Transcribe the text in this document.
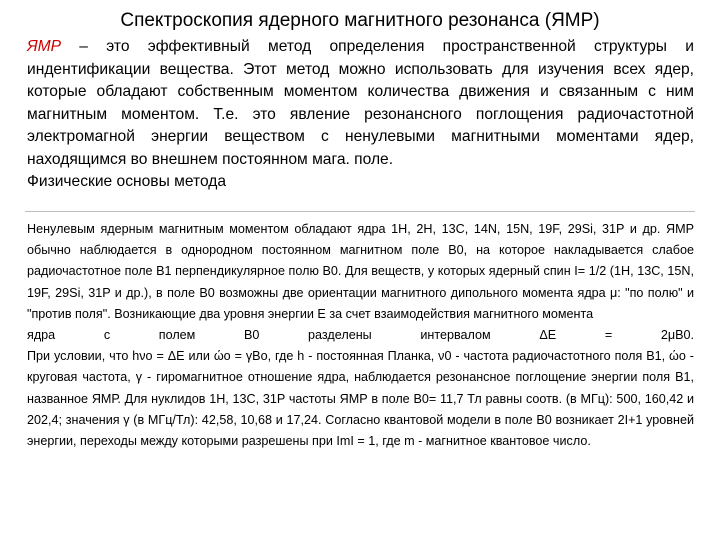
Спектроскопия ядерного магнитного резонанса (ЯМР)

ЯМР – это эффективный метод определения пространственной структуры и индентификации вещества. Этот метод можно использовать для изучения всех ядер, которые обладают собственным моментом количества движения и связанным с ним магнитным моментом. Т.е. это явление резонансного поглощения радиочастотной электромагной энергии веществом с ненулевыми магнитными моментами ядер, находящимся во внешнем постоянном мага. поле.

Физические основы метода

Ненулевым ядерным магнитным моментом обладают ядра 1H, 2H, 13C, 14N, 15N, 19F, 29Si, 31P и др. ЯМР обычно наблюдается в однородном постоянном магнитном поле B0, на которое накладывается слабое радиочастотное поле B1 перпендикулярное полю B0. Для веществ, у которых ядерный спин I= 1/2 (1H, 13C, 15N, 19F, 29Si, 31P и др.), в поле B0 возможны две ориентации магнитного дипольного момента ядра μ: "по полю" и "против поля". Возникающие два уровня энергии E за счет взаимодействия магнитного момента

ядра с полем B0 разделены интервалом ΔE = 2μB0.

При условии, что hνo = ΔE или ώo = γBo, где h - постоянная Планка, ν0 - частота радиочастотного поля B1, ώo - круговая частота, γ - гиромагнитное отношение ядра, наблюдается резонансное поглощение энергии поля B1, названное ЯМР. Для нуклидов 1H, 13C, 31P частоты ЯМР в поле B0= 11,7 Тл равны соотв. (в МГц): 500, 160,42 и 202,4; значения γ (в МГц/Тл): 42,58, 10,68 и 17,24. Согласно квантовой модели в поле B0 возникает 2I+1 уровней энергии, переходы между которыми разрешены при ImI = 1, где m - магнитное квантовое число.
